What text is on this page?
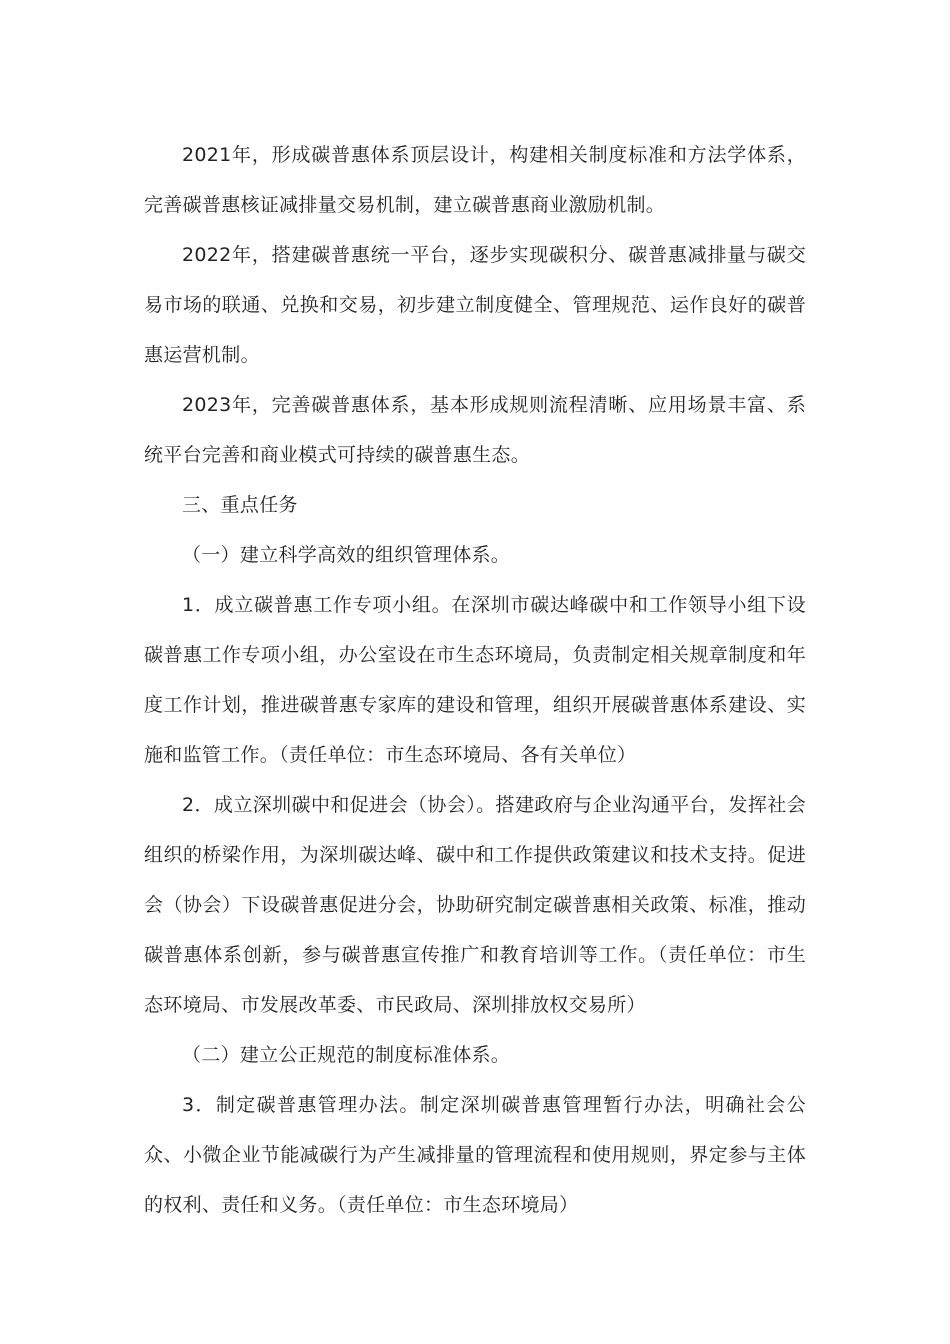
2021年，形成碳普惠体系顶层设计，构建相关制度标准和方法学体系，完善碳普惠核证减排量交易机制，建立碳普惠商业激励机制。

2022年，搭建碳普惠统一平台，逐步实现碳积分、碳普惠减排量与碳交易市场的联通、兑换和交易，初步建立制度健全、管理规范、运作良好的碳普惠运营机制。

2023年，完善碳普惠体系，基本形成规则流程清晰、应用场景丰富、系统平台完善和商业模式可持续的碳普惠生态。

三、重点任务

（一）建立科学高效的组织管理体系。

1．成立碳普惠工作专项小组。在深圳市碳达峰碳中和工作领导小组下设碳普惠工作专项小组，办公室设在市生态环境局，负责制定相关规章制度和年度工作计划，推进碳普惠专家库的建设和管理，组织开展碳普惠体系建设、实施和监管工作。（责任单位：市生态环境局、各有关单位）

2．成立深圳碳中和促进会（协会）。搭建政府与企业沟通平台，发挥社会组织的桥梁作用，为深圳碳达峰、碳中和工作提供政策建议和技术支持。促进会（协会）下设碳普惠促进分会，协助研究制定碳普惠相关政策、标准，推动碳普惠体系创新，参与碳普惠宣传推广和教育培训等工作。（责任单位：市生态环境局、市发展改革委、市民政局、深圳排放权交易所）

（二）建立公正规范的制度标准体系。

3．制定碳普惠管理办法。制定深圳碳普惠管理暂行办法，明确社会公众、小微企业节能减碳行为产生减排量的管理流程和使用规则，界定参与主体的权利、责任和义务。（责任单位：市生态环境局）
